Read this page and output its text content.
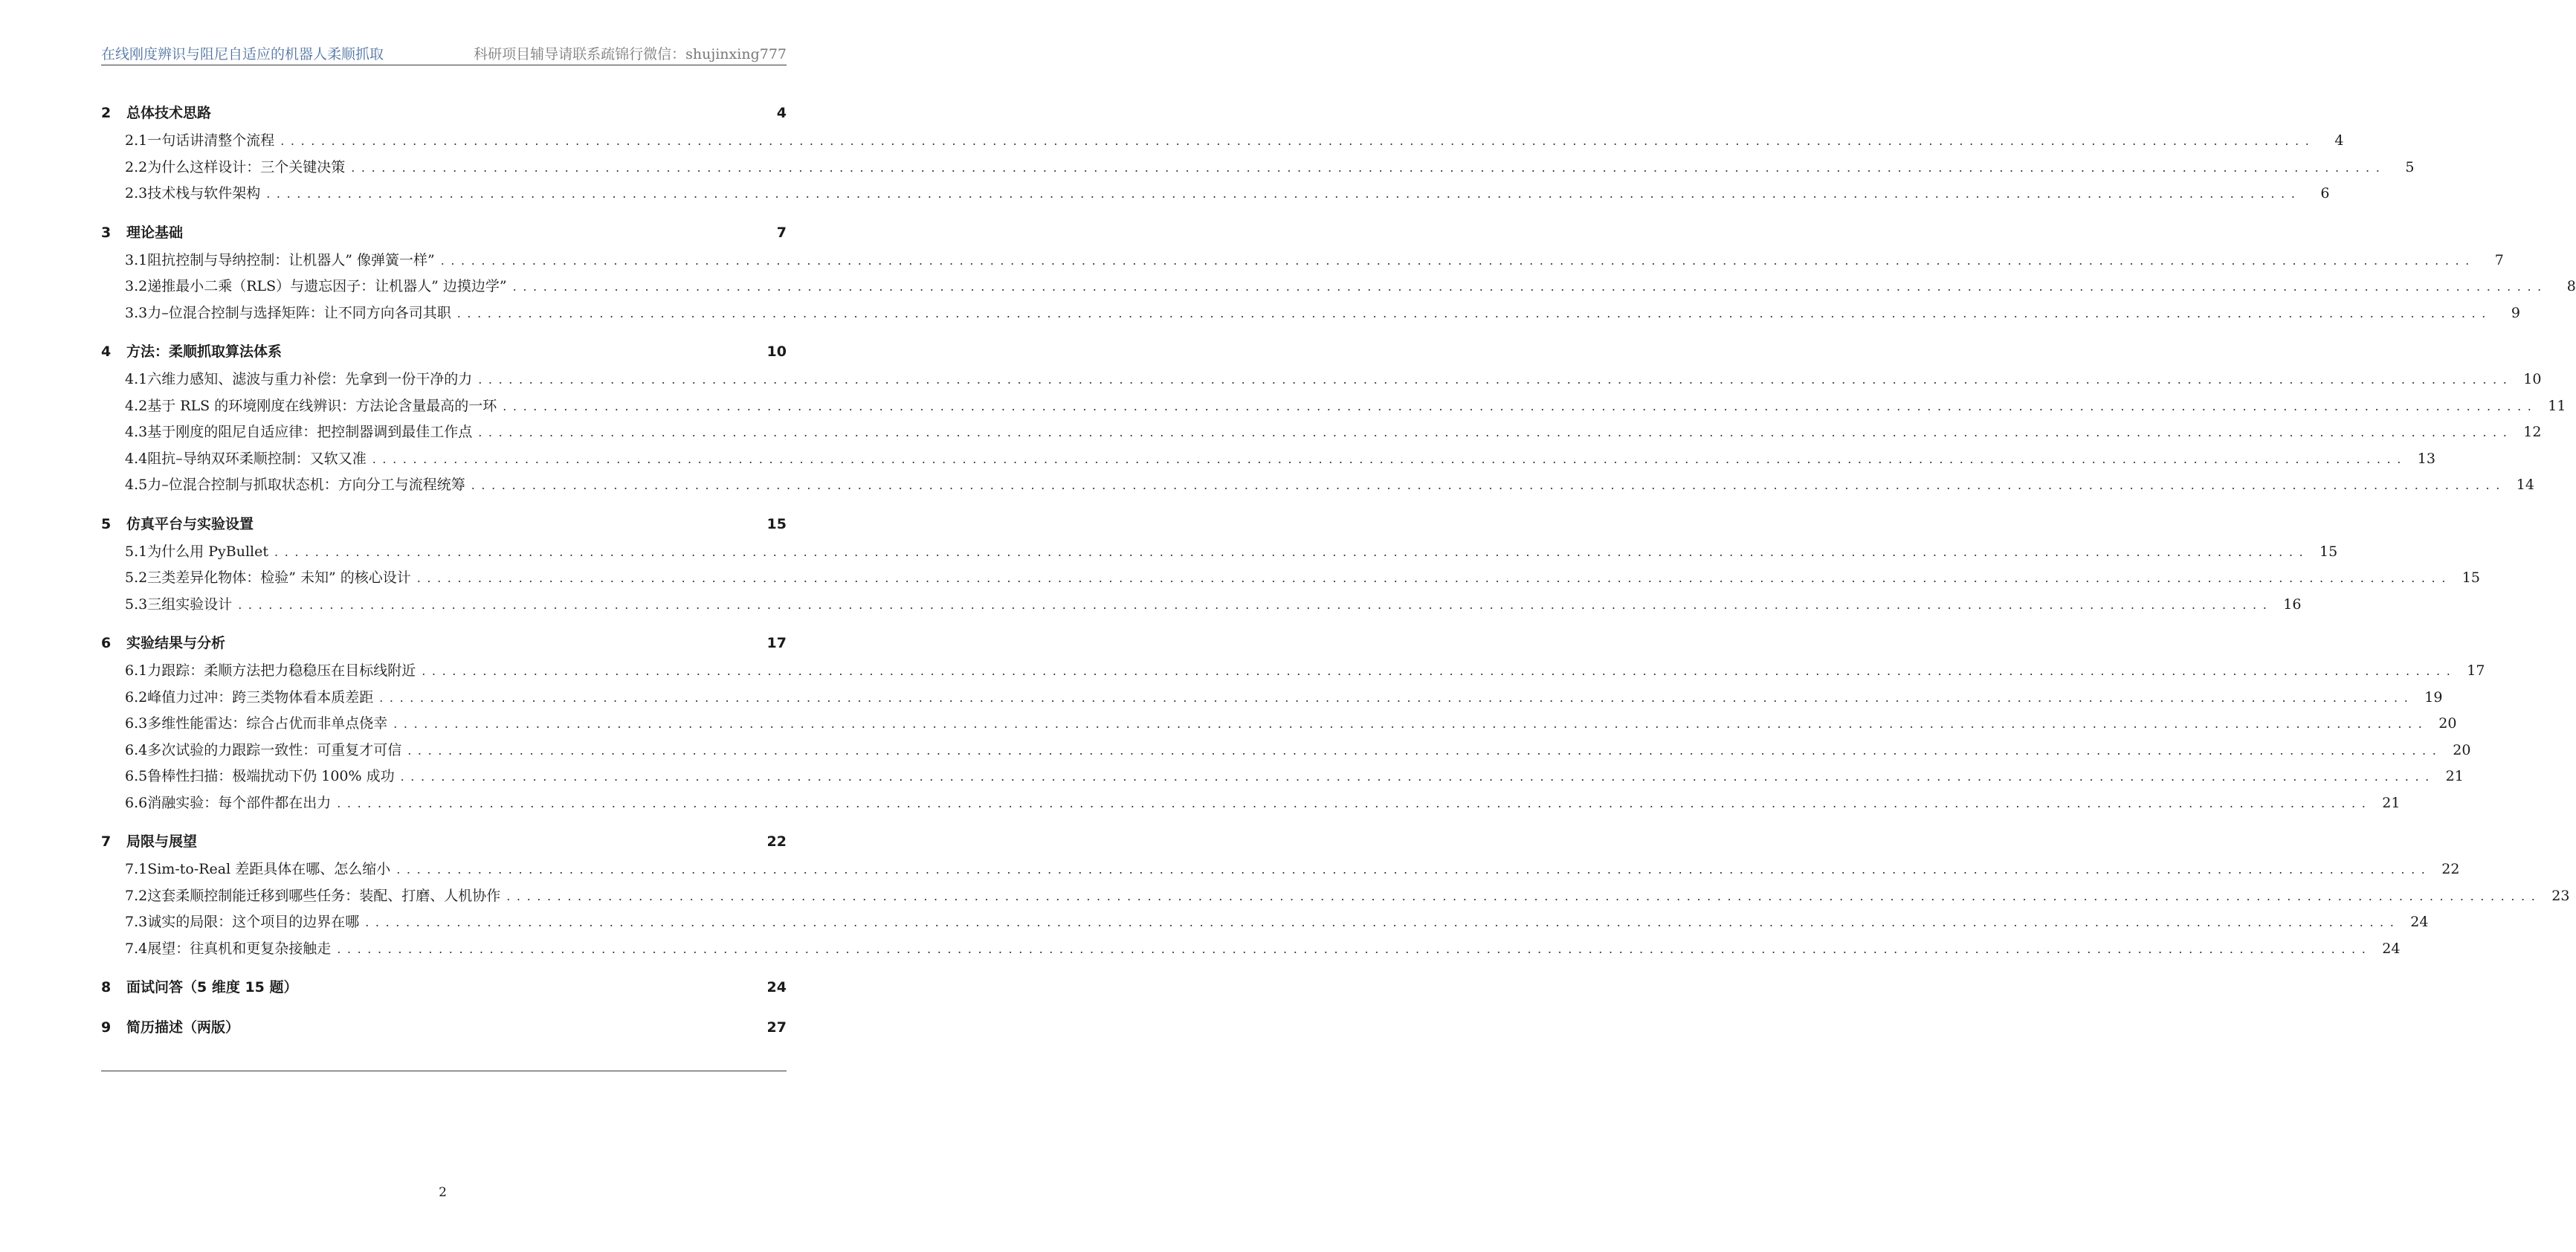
在线刚度辨识与阻尼自适应的机器人柔顺抓取	科研项目辅导请联系疏锦行微信：shujinxing777
2	总体技术思路	4
2.1 一句话讲清整个流程 ........................................................................................................................................................................................................	4
2.2 为什么这样设计：三个关键决策 ........................................................................................................................................................................................................	5
2.3 技术栈与软件架构 ........................................................................................................................................................................................................	6
3	理论基础	7
3.1 阻抗控制与导纳控制：让机器人” 像弹簧一样” ........................................................................................................................................................................................................	7
3.2 递推最小二乘（RLS）与遗忘因子：让机器人” 边摸边学” ........................................................................................................................................................................................................	8
3.3 力–位混合控制与选择矩阵：让不同方向各司其职 ........................................................................................................................................................................................................	9
4	方法：柔顺抓取算法体系	10
4.1 六维力感知、滤波与重力补偿：先拿到一份干净的力 ........................................................................................................................................................................................................ 10
4.2 基于 RLS 的环境刚度在线辨识：方法论含量最高的一环 ........................................................................................................................................................................................................ 11
4.3 基于刚度的阻尼自适应律：把控制器调到最佳工作点 ........................................................................................................................................................................................................ 12
4.4 阻抗–导纳双环柔顺控制：又软又准 ........................................................................................................................................................................................................ 13
4.5 力–位混合控制与抓取状态机：方向分工与流程统筹 ........................................................................................................................................................................................................ 14
5	仿真平台与实验设置	15
5.1 为什么用 PyBullet ........................................................................................................................................................................................................ 15
5.2 三类差异化物体：检验” 未知” 的核心设计 ........................................................................................................................................................................................................ 15
5.3 三组实验设计 ........................................................................................................................................................................................................ 16
6	实验结果与分析	17
6.1 力跟踪：柔顺方法把力稳稳压在目标线附近 ........................................................................................................................................................................................................ 17
6.2 峰值力过冲：跨三类物体看本质差距 ........................................................................................................................................................................................................ 19
6.3 多维性能雷达：综合占优而非单点侥幸 ........................................................................................................................................................................................................ 20
6.4 多次试验的力跟踪一致性：可重复才可信 ........................................................................................................................................................................................................ 20
6.5 鲁棒性扫描：极端扰动下仍 100% 成功 ........................................................................................................................................................................................................ 21
6.6 消融实验：每个部件都在出力 ........................................................................................................................................................................................................ 21
7	局限与展望	22
7.1 Sim-to-Real 差距具体在哪、怎么缩小 ........................................................................................................................................................................................................ 22
7.2 这套柔顺控制能迁移到哪些任务：装配、打磨、人机协作 ........................................................................................................................................................................................................ 23
7.3 诚实的局限：这个项目的边界在哪 ........................................................................................................................................................................................................ 24
7.4 展望：往真机和更复杂接触走 ........................................................................................................................................................................................................ 24
8	面试问答（5 维度 15 题）	24
9	简历描述（两版）	27
2
